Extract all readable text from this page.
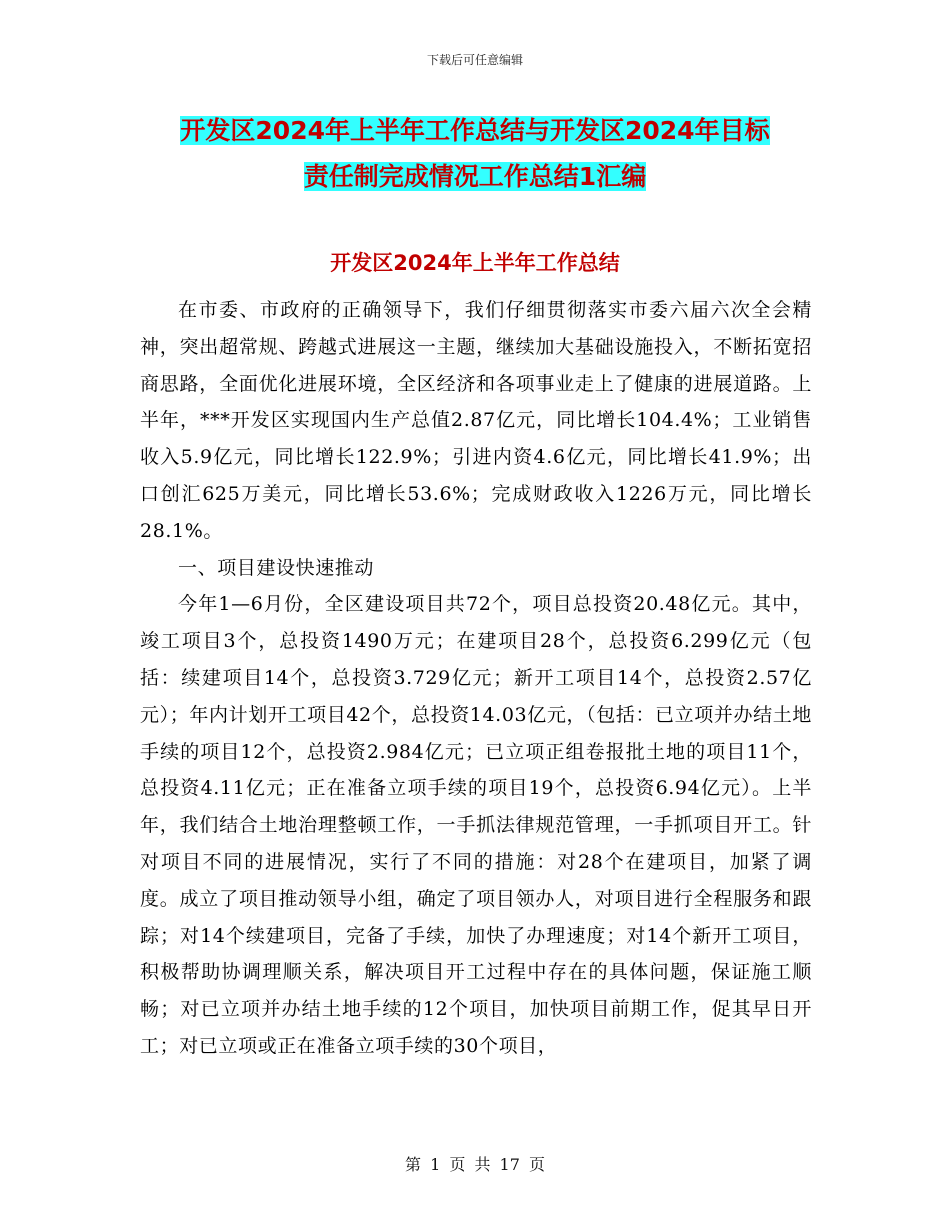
下载后可任意编辑
开发区2024年上半年工作总结与开发区2024年目标
责任制完成情况工作总结1汇编
开发区2024年上半年工作总结

在市委、市政府的正确领导下，我们仔细贯彻落实市委六届六次全会精神，突出超常规、跨越式进展这一主题，继续加大基础设施投入，不断拓宽招商思路，全面优化进展环境，全区经济和各项事业走上了健康的进展道路。上半年，***开发区实现国内生产总值2.87亿元，同比增长104.4%；工业销售收入5.9亿元，同比增长122.9%；引进内资4.6亿元，同比增长41.9%；出口创汇625万美元，同比增长53.6%；完成财政收入1226万元，同比增长28.1%。

一、项目建设快速推动

今年1—6月份，全区建设项目共72个，项目总投资20.48亿元。其中，竣工项目3个，总投资1490万元；在建项目28个，总投资6.299亿元（包括：续建项目14个，总投资3.729亿元；新开工项目14个，总投资2.57亿元）；年内计划开工项目42个，总投资14.03亿元，（包括：已立项并办结土地手续的项目12个，总投资2.984亿元；已立项正组卷报批土地的项目11个，总投资4.11亿元；正在准备立项手续的项目19个，总投资6.94亿元）。上半年，我们结合土地治理整顿工作，一手抓法律规范管理，一手抓项目开工。针对项目不同的进展情况，实行了不同的措施：对28个在建项目，加紧了调度。成立了项目推动领导小组，确定了项目领办人，对项目进行全程服务和跟踪；对14个续建项目，完备了手续，加快了办理速度；对14个新开工项目，积极帮助协调理顺关系，解决项目开工过程中存在的具体问题，保证施工顺畅；对已立项并办结土地手续的12个项目，加快项目前期工作，促其早日开工；对已立项或正在准备立项手续的30个项目，

第 1 页 共 17 页
